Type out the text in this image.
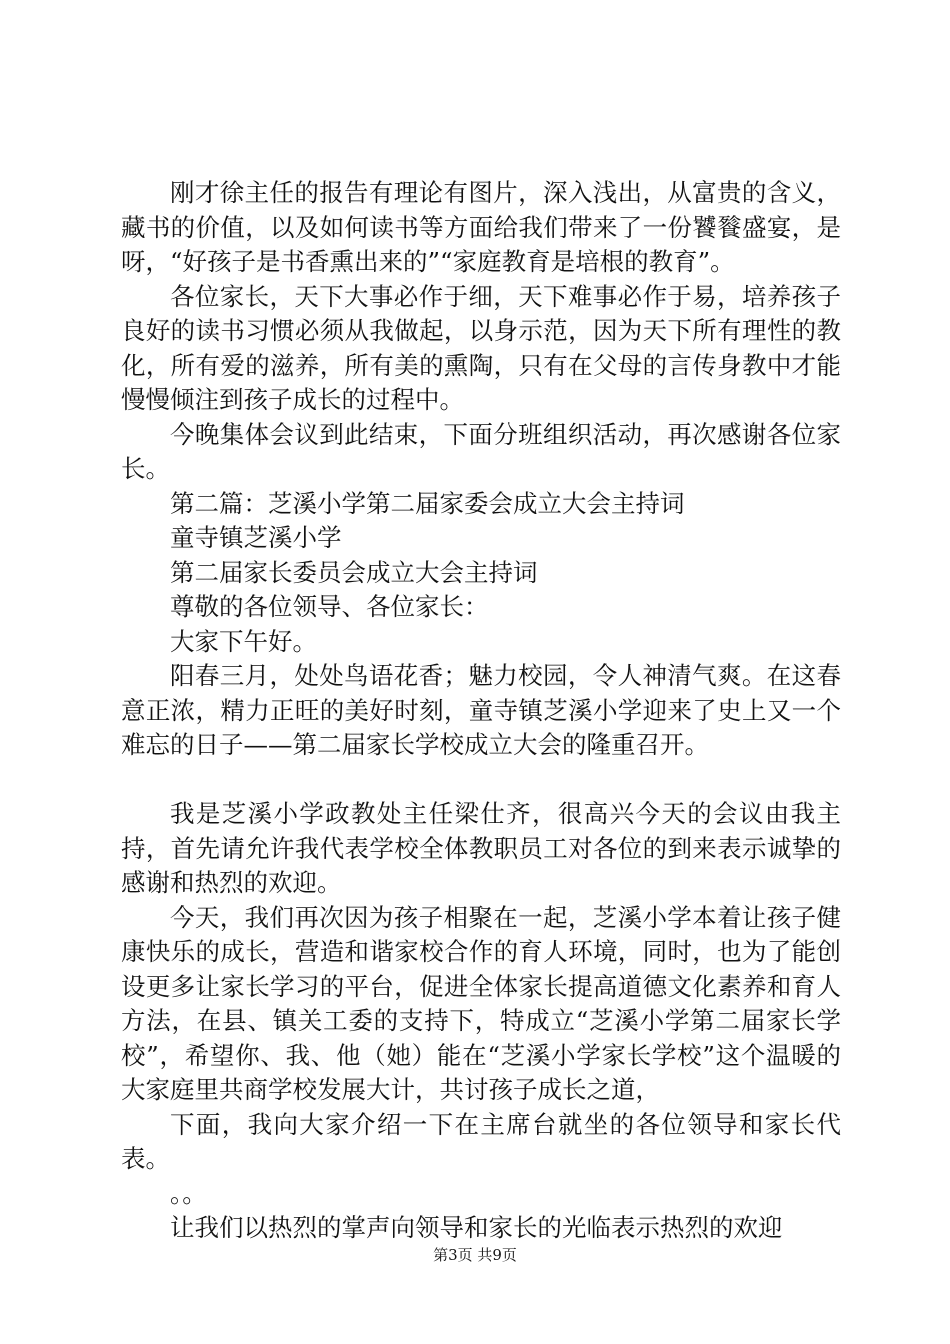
刚才徐主任的报告有理论有图片，深入浅出，从富贵的含义，藏书的价值，以及如何读书等方面给我们带来了一份饕餮盛宴，是呀，“好孩子是书香熏出来的”“家庭教育是培根的教育”。

各位家长，天下大事必作于细，天下难事必作于易，培养孩子良好的读书习惯必须从我做起，以身示范，因为天下所有理性的教化，所有爱的滋养，所有美的熏陶，只有在父母的言传身教中才能慢慢倾注到孩子成长的过程中。

今晚集体会议到此结束，下面分班组织活动，再次感谢各位家长。

第二篇：芝溪小学第二届家委会成立大会主持词

童寺镇芝溪小学

第二届家长委员会成立大会主持词

尊敬的各位领导、各位家长：

大家下午好。

阳春三月，处处鸟语花香；魅力校园，令人神清气爽。在这春意正浓，精力正旺的美好时刻，童寺镇芝溪小学迎来了史上又一个难忘的日子——第二届家长学校成立大会的隆重召开。

我是芝溪小学政教处主任梁仕齐，很高兴今天的会议由我主持，首先请允许我代表学校全体教职员工对各位的到来表示诚挚的感谢和热烈的欢迎。

今天，我们再次因为孩子相聚在一起，芝溪小学本着让孩子健康快乐的成长，营造和谐家校合作的育人环境，同时，也为了能创设更多让家长学习的平台，促进全体家长提高道德文化素养和育人方法，在县、镇关工委的支持下，特成立“芝溪小学第二届家长学校”，希望你、我、他（她）能在“芝溪小学家长学校”这个温暖的大家庭里共商学校发展大计，共讨孩子成长之道，

下面，我向大家介绍一下在主席台就坐的各位领导和家长代表。

。。

让我们以热烈的掌声向领导和家长的光临表示热烈的欢迎

第3页 共9页
